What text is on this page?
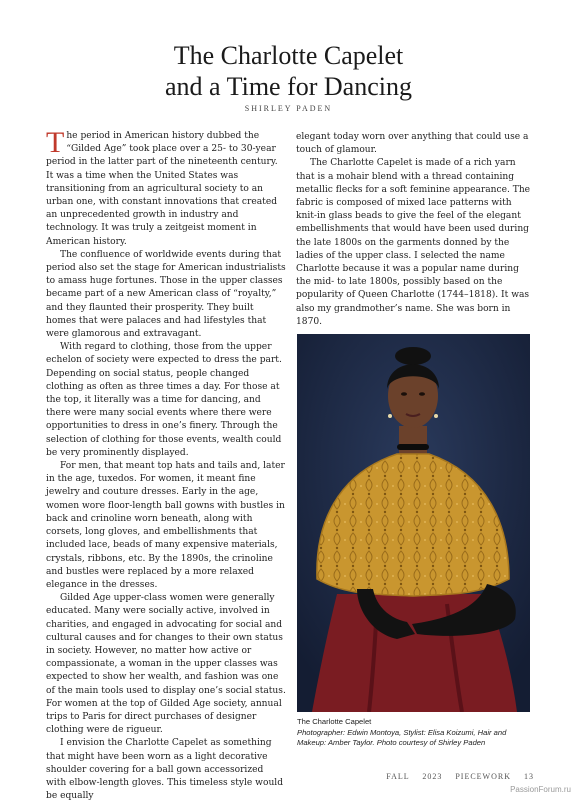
The Charlotte Capelet
and a Time for Dancing
SHIRLEY PADEN

The period in American history dubbed the “Gilded Age” took place over a 25- to 30-year period in the latter part of the nineteenth century. It was a time when the United States was transitioning from an agricultural society to an urban one, with constant innovations that created an unprecedented growth in industry and technology. It was truly a zeitgeist moment in American history.

The confluence of worldwide events during that period also set the stage for American industrialists to amass huge fortunes. Those in the upper classes became part of a new American class of “royalty,” and they flaunted their prosperity. They built homes that were palaces and had lifestyles that were glamorous and extravagant.

With regard to clothing, those from the upper echelon of society were expected to dress the part. Depending on social status, people changed clothing as often as three times a day. For those at the top, it literally was a time for dancing, and there were many social events where there were opportunities to dress in one’s finery. Through the selection of clothing for those events, wealth could be very prominently displayed.

For men, that meant top hats and tails and, later in the age, tuxedos. For women, it meant fine jewelry and couture dresses. Early in the age, women wore floor-length ball gowns with bustles in back and crinoline worn beneath, along with corsets, long gloves, and embellishments that included lace, beads of many expensive materials, crystals, ribbons, etc. By the 1890s, the crinoline and bustles were replaced by a more relaxed elegance in the dresses.

Gilded Age upper-class women were generally educated. Many were socially active, involved in charities, and engaged in advocating for social and cultural causes and for changes to their own status in society. However, no matter how active or compassionate, a woman in the upper classes was expected to show her wealth, and fashion was one of the main tools used to display one’s social status. For women at the top of Gilded Age society, annual trips to Paris for direct purchases of designer clothing were de rigueur.

I envision the Charlotte Capelet as something that might have been worn as a light decorative shoulder covering for a ball gown accessorized with elbow-length gloves. This timeless style would be equally

elegant today worn over anything that could use a touch of glamour.

The Charlotte Capelet is made of a rich yarn that is a mohair blend with a thread containing metallic flecks for a soft feminine appearance. The fabric is composed of mixed lace patterns with knit-in glass beads to give the feel of the elegant embellishments that would have been used during the late 1800s on the garments donned by the ladies of the upper class. I selected the name Charlotte because it was a popular name during the mid- to late 1800s, possibly based on the popularity of Queen Charlotte (1744–1818). It was also my grandmother’s name. She was born in 1870.

The Charlotte Capelet
Photographer: Edwin Montoya, Stylist: Elisa Koizumi, Hair and Makeup: Amber Taylor. Photo courtesy of Shirley Paden
FALL 2023 PIECEWORK 13
PassionForum.ru
